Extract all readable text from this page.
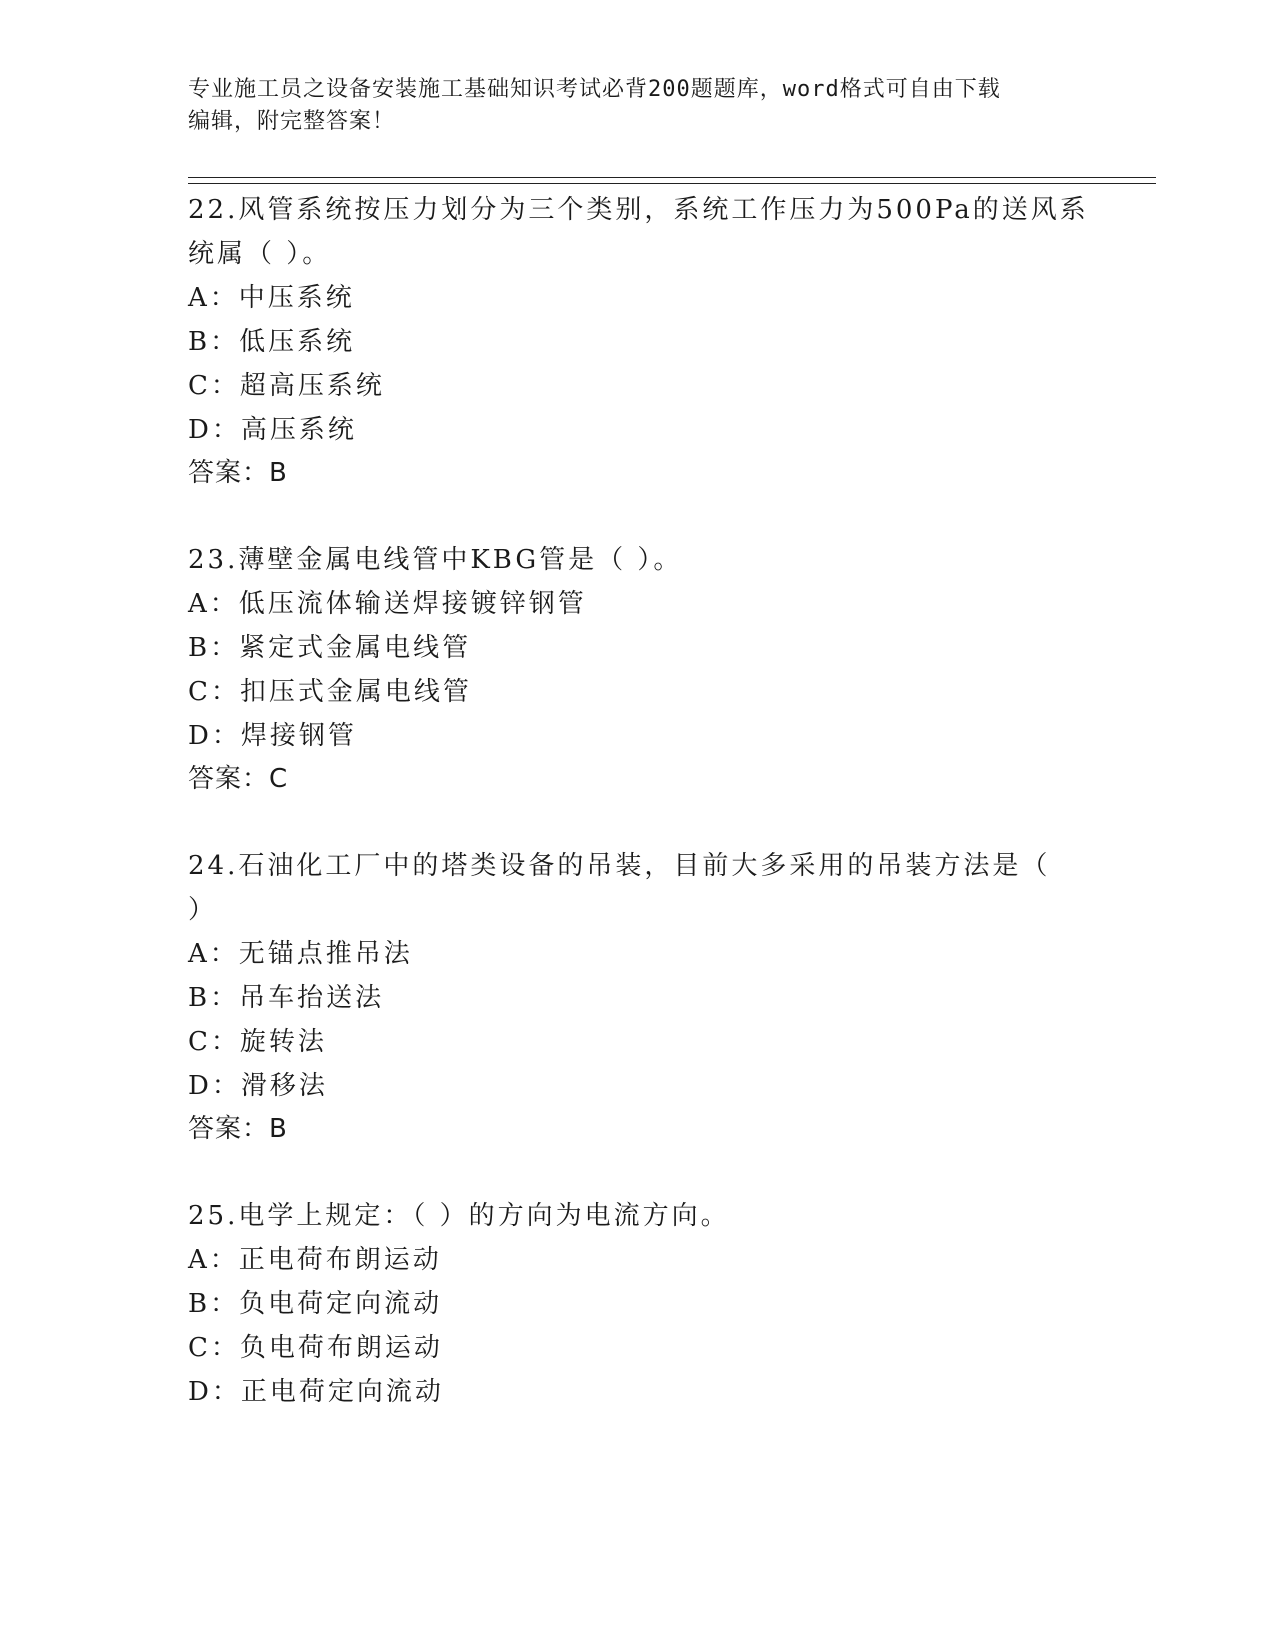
专业施工员之设备安装施工基础知识考试必背200题题库，word格式可自由下载
编辑，附完整答案！
22.风管系统按压力划分为三个类别，系统工作压力为500Pa的送风系
统属（ ）。
A：中压系统
B：低压系统
C：超高压系统
D：高压系统
答案：B
23.薄壁金属电线管中KBG管是（ ）。
A：低压流体输送焊接镀锌钢管
B：紧定式金属电线管
C：扣压式金属电线管
D：焊接钢管
答案：C
24.石油化工厂中的塔类设备的吊装，目前大多采用的吊装方法是（
）
A：无锚点推吊法
B：吊车抬送法
C：旋转法
D：滑移法
答案：B
25.电学上规定：（ ）的方向为电流方向。
A：正电荷布朗运动
B：负电荷定向流动
C：负电荷布朗运动
D：正电荷定向流动
